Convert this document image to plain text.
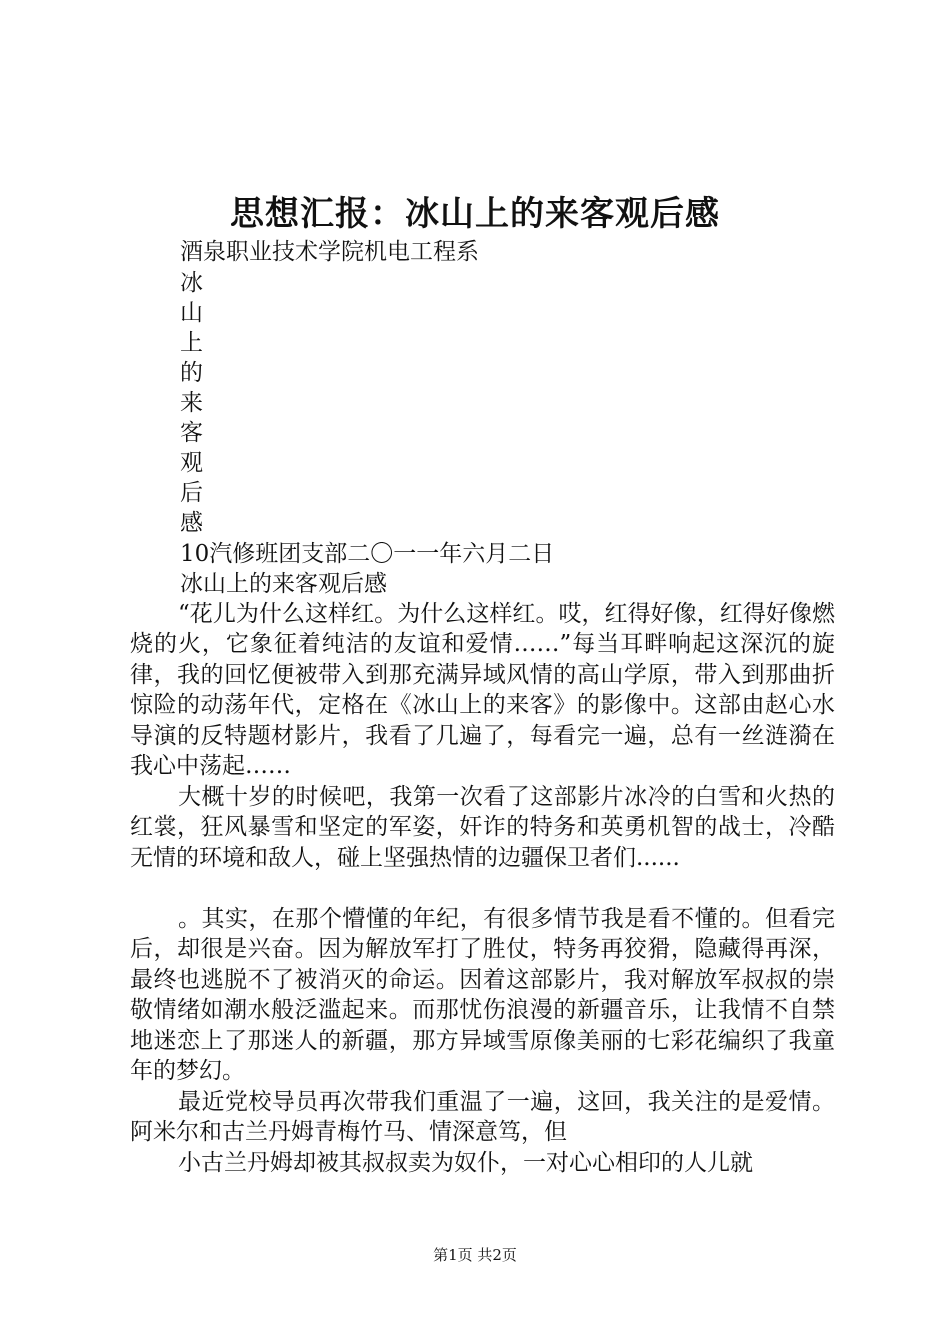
思想汇报：冰山上的来客观后感
酒泉职业技术学院机电工程系
冰
山
上
的
来
客
观
后
感
10汽修班团支部二〇一一年六月二日
冰山上的来客观后感
“花儿为什么这样红。为什么这样红。哎，红得好像，红得好像燃烧的火，它象征着纯洁的友谊和爱情……”每当耳畔响起这深沉的旋律，我的回忆便被带入到那充满异域风情的高山学原，带入到那曲折惊险的动荡年代，定格在《冰山上的来客》的影像中。这部由赵心水导演的反特题材影片，我看了几遍了，每看完一遍，总有一丝涟漪在我心中荡起……
大概十岁的时候吧，我第一次看了这部影片冰冷的白雪和火热的红裳，狂风暴雪和坚定的军姿，奸诈的特务和英勇机智的战士，冷酷无情的环境和敌人，碰上坚强热情的边疆保卫者们......
。其实，在那个懵懂的年纪，有很多情节我是看不懂的。但看完后，却很是兴奋。因为解放军打了胜仗，特务再狡猾，隐藏得再深，最终也逃脱不了被消灭的命运。因着这部影片，我对解放军叔叔的崇敬情绪如潮水般泛滥起来。而那忧伤浪漫的新疆音乐，让我情不自禁地迷恋上了那迷人的新疆，那方异域雪原像美丽的七彩花编织了我童年的梦幻。
最近党校导员再次带我们重温了一遍，这回，我关注的是爱情。阿米尔和古兰丹姆青梅竹马、情深意笃，但
小古兰丹姆却被其叔叔卖为奴仆，一对心心相印的人儿就
第1页 共2页
